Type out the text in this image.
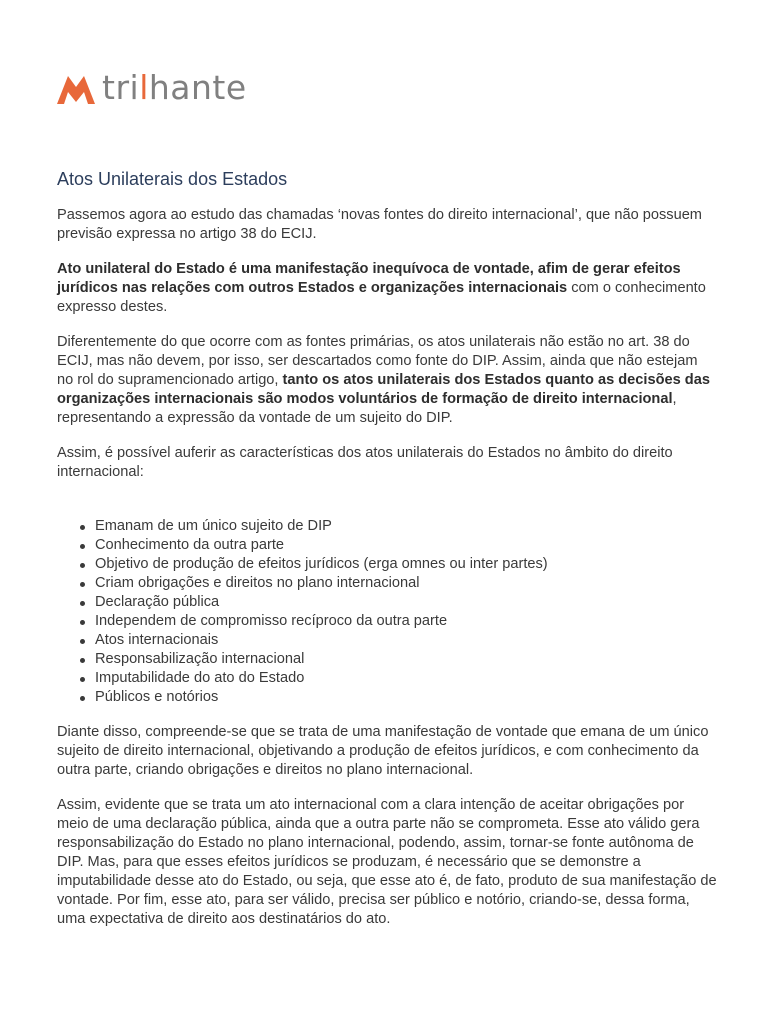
trilhante
Atos Unilaterais dos Estados

Passemos agora ao estudo das chamadas ‘novas fontes do direito internacional’, que não possuem previsão expressa no artigo 38 do ECIJ.

Ato unilateral do Estado é uma manifestação inequívoca de vontade, afim de gerar efeitos jurídicos nas relações com outros Estados e organizações internacionais com o conhecimento expresso destes.

Diferentemente do que ocorre com as fontes primárias, os atos unilaterais não estão no art. 38 do ECIJ, mas não devem, por isso, ser descartados como fonte do DIP. Assim, ainda que não estejam no rol do supramencionado artigo, tanto os atos unilaterais dos Estados quanto as decisões das organizações internacionais são modos voluntários de formação de direito internacional, representando a expressão da vontade de um sujeito do DIP.

Assim, é possível auferir as características dos atos unilaterais do Estados no âmbito do direito internacional:

Emanam de um único sujeito de DIP
Conhecimento da outra parte
Objetivo de produção de efeitos jurídicos (erga omnes ou inter partes)
Criam obrigações e direitos no plano internacional
Declaração pública
Independem de compromisso recíproco da outra parte
Atos internacionais
Responsabilização internacional
Imputabilidade do ato do Estado
Públicos e notórios

Diante disso, compreende-se que se trata de uma manifestação de vontade que emana de um único sujeito de direito internacional, objetivando a produção de efeitos jurídicos, e com conhecimento da outra parte, criando obrigações e direitos no plano internacional.

Assim, evidente que se trata um ato internacional com a clara intenção de aceitar obrigações por meio de uma declaração pública, ainda que a outra parte não se comprometa. Esse ato válido gera responsabilização do Estado no plano internacional, podendo, assim, tornar-se fonte autônoma de DIP. Mas, para que esses efeitos jurídicos se produzam, é necessário que se demonstre a imputabilidade desse ato do Estado, ou seja, que esse ato é, de fato, produto de sua manifestação de vontade. Por fim, esse ato, para ser válido, precisa ser público e notório, criando-se, dessa forma, uma expectativa de direito aos destinatários do ato.
